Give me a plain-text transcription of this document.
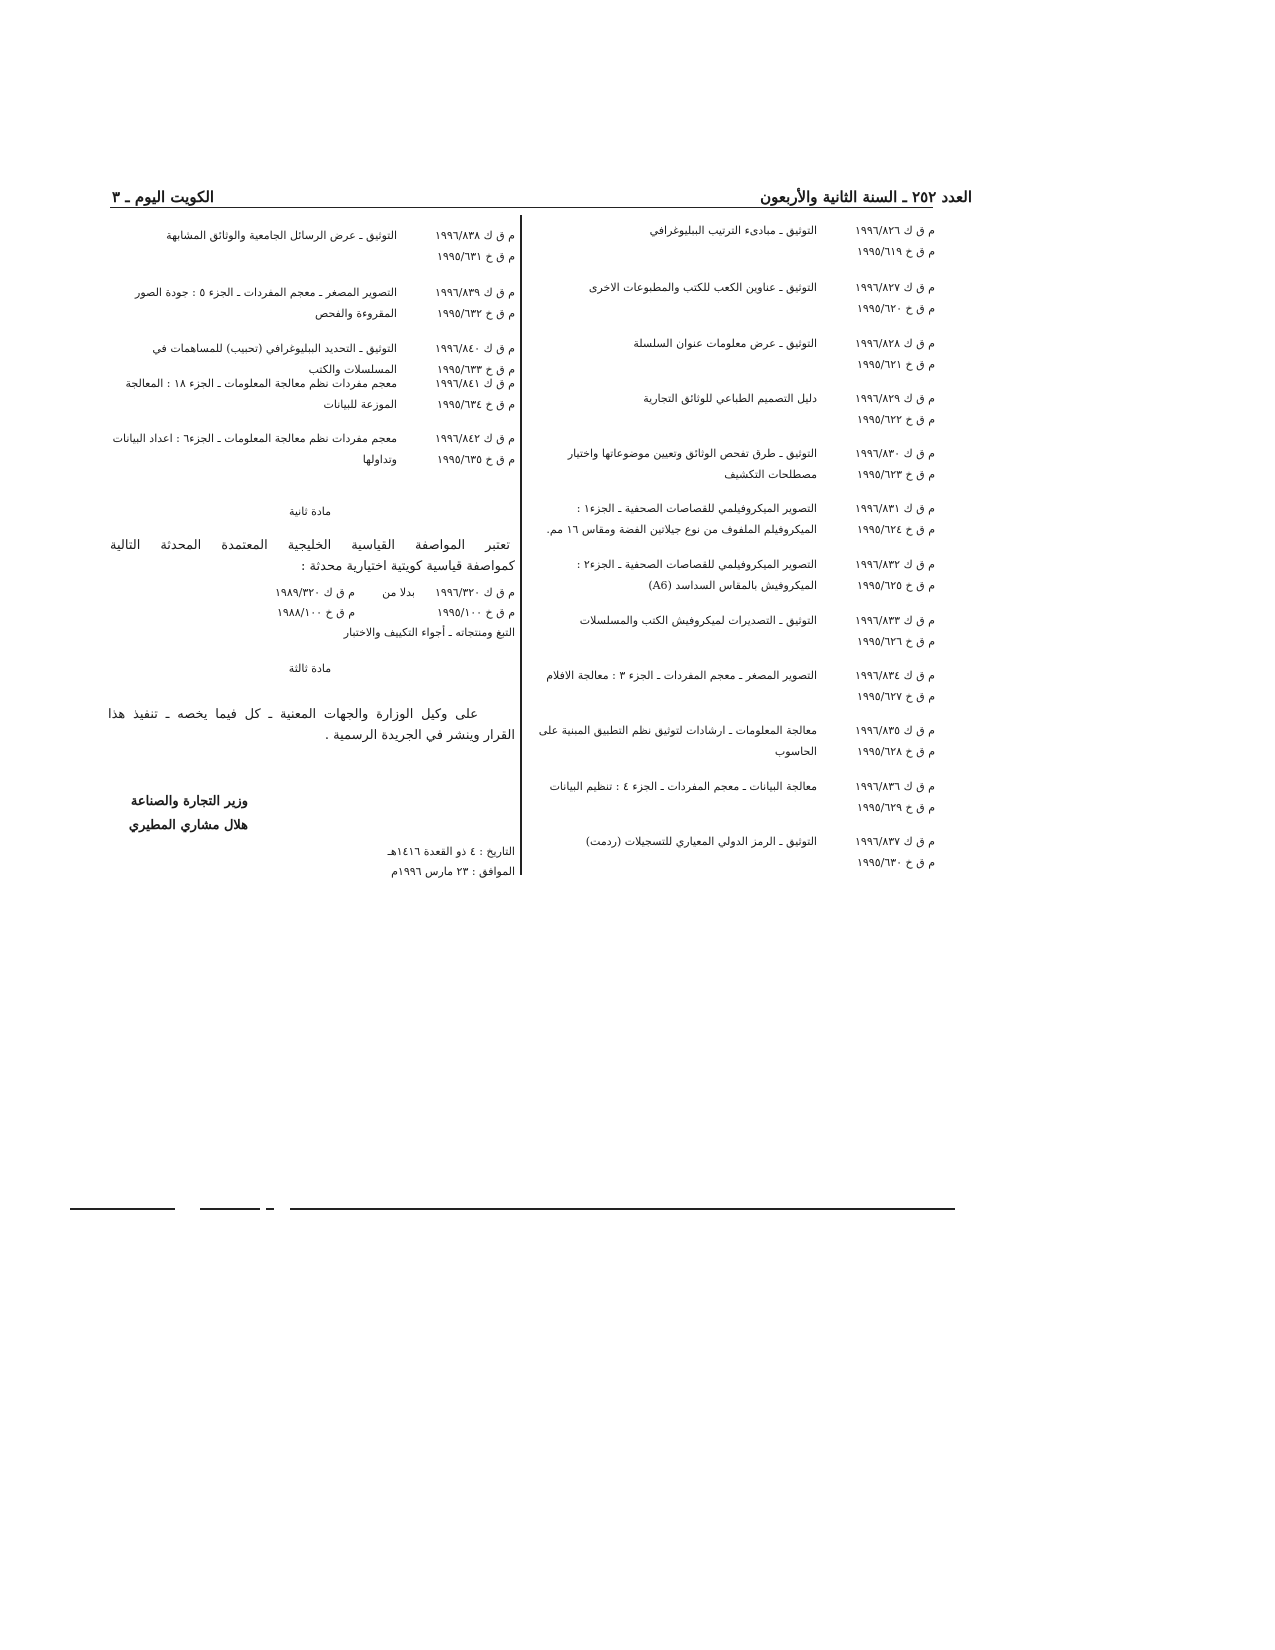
العدد ٢٥٢ ـ السنة الثانية والأربعون
الكويت اليوم ـ ٣
م ق ك ١٩٩٦/٨٢٦
م ق خ ١٩٩٥/٦١٩
التوثيق ـ مبادىء الترتيب الببليوغرافي
م ق ك ١٩٩٦/٨٢٧
م ق خ ١٩٩٥/٦٢٠
التوثيق ـ عناوين الكعب للكتب والمطبوعات الاخرى
م ق ك ١٩٩٦/٨٢٨
م ق خ ١٩٩٥/٦٢١
التوثيق ـ عرض معلومات عنوان السلسلة
م ق ك ١٩٩٦/٨٢٩
م ق خ ١٩٩٥/٦٢٢
دليل التصميم الطباعي للوثائق التجارية
م ق ك ١٩٩٦/٨٣٠
م ق خ ١٩٩٥/٦٢٣
التوثيق ـ طرق تفحص الوثائق وتعيين موضوعاتها واختيار مصطلحات التكشيف
م ق ك ١٩٩٦/٨٣١
م ق خ ١٩٩٥/٦٢٤
التصوير الميكروفيلمي للقصاصات الصحفية ـ الجزء١ : الميكروفيلم الملفوف من نوع جيلاتين الفضة ومقاس ١٦ مم.
م ق ك ١٩٩٦/٨٣٢
م ق خ ١٩٩٥/٦٢٥
التصوير الميكروفيلمي للقصاصات الصحفية ـ الجزء٢ : الميكروفيش بالمقاس السداسد (A6)
م ق ك ١٩٩٦/٨٣٣
م ق خ ١٩٩٥/٦٢٦
التوثيق ـ التصديرات لميكروفيش الكتب والمسلسلات
م ق ك ١٩٩٦/٨٣٤
م ق خ ١٩٩٥/٦٢٧
التصوير المصغر ـ معجم المفردات ـ الجزء ٣ : معالجة الافلام
م ق ك ١٩٩٦/٨٣٥
م ق خ ١٩٩٥/٦٢٨
معالجة المعلومات ـ ارشادات لتوثيق نظم التطبيق المبنية على الحاسوب
م ق ك ١٩٩٦/٨٣٦
م ق خ ١٩٩٥/٦٢٩
معالجة البيانات ـ معجم المفردات ـ الجزء ٤ : تنظيم البيانات
م ق ك ١٩٩٦/٨٣٧
م ق خ ١٩٩٥/٦٣٠
التوثيق ـ الرمز الدولي المعياري للتسجيلات (ردمت)
م ق ك ١٩٩٦/٨٣٨
م ق خ ١٩٩٥/٦٣١
التوثيق ـ عرض الرسائل الجامعية والوثائق المشابهة
م ق ك ١٩٩٦/٨٣٩
م ق خ ١٩٩٥/٦٣٢
التصوير المصغر ـ معجم المفردات ـ الجزء ٥ : جودة الصور المقروءة والفحص
م ق ك ١٩٩٦/٨٤٠
م ق خ ١٩٩٥/٦٣٣
التوثيق ـ التحديد الببليوغرافي (تحبيب) للمساهمات في المسلسلات والكتب
م ق ك ١٩٩٦/٨٤١
م ق خ ١٩٩٥/٦٣٤
معجم مفردات نظم معالجة المعلومات ـ الجزء ١٨ : المعالجة الموزعة للبيانات
م ق ك ١٩٩٦/٨٤٢
م ق خ ١٩٩٥/٦٣٥
معجم مفردات نظم معالجة المعلومات ـ الجزء٦ : اعداد البيانات وتداولها
مادة ثانية
تعتبر المواصفة القياسية الخليجية المعتمدة المحدثة التالية
كمواصفة قياسية كويتية اختيارية محدثة :
م ق ك ١٩٩٦/٣٢٠
بدلا من
م ق ك ١٩٨٩/٣٢٠
م ق خ ١٩٩٥/١٠٠
م ق خ ١٩٨٨/١٠٠
التبغ ومنتجاته ـ أجواء التكييف والاختبار
مادة ثالثة
على وكيل الوزارة والجهات المعنية ـ كل فيما يخصه ـ تنفيذ هذا
القرار وينشر في الجريدة الرسمية .
وزير التجارة والصناعة
هلال مشاري المطيري
التاريخ : ٤ ذو القعدة ١٤١٦هـ
الموافق : ٢٣ مارس ١٩٩٦م
